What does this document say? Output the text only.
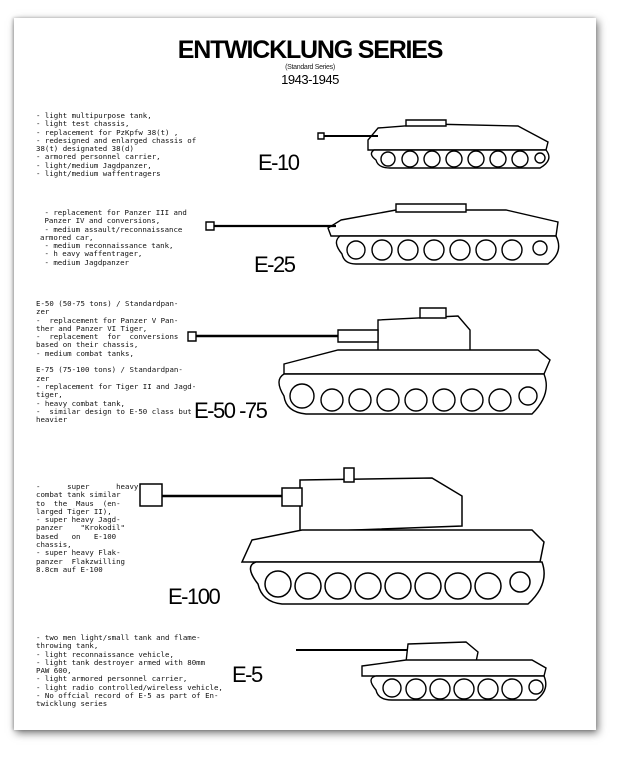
ENTWICKLUNG SERIES
(Standard Series)
1943-1945
- light multipurpose tank,
- light test chassis,
- replacement for PzKpfw 38(t) ,
- redesigned and enlarged chassis of
38(t) designated 38(d)
- armored personnel carrier,
- light/medium Jagdpanzer,
- light/medium waffentragers	E-10
- replacement for Panzer III and
Panzer IV and conversions,
- medium assault/reconnaissance
armored car,
- medium reconnaissance tank,
- h eavy waffentrager,
- medium Jagdpanzer	E-25
E-50 (50-75 tons) / Standardpan-
zer
-  replacement for Panzer V Pan-
ther and Panzer VI Tiger,
-  replacement  for  conversions
based on their chassis,
- medium combat tanks,

E-75 (75-100 tons) / Standardpan-
zer
- replacement for Tiger II and Jagd-
tiger,
- heavy combat tank,
-  similar design to E-50 class but
heavier	E-50 -75
-      super      heavy
combat tank similar
to  the  Maus  (en-
larged Tiger II),
- super heavy Jagd-
panzer    "Krokodil"
based   on   E-100
chassis,
- super heavy Flak-
panzer  Flakzwilling
8.8cm auf E-100
E-100
- two men light/small tank and flame-
throwing tank,
- light reconnaissance vehicle,
- light tank destroyer armed with 80mm
PAW 600,
- light armored personnel carrier,
- light radio controlled/wireless vehicle,
- No offcial record of E-5 as part of En-
twicklung series
E-5
